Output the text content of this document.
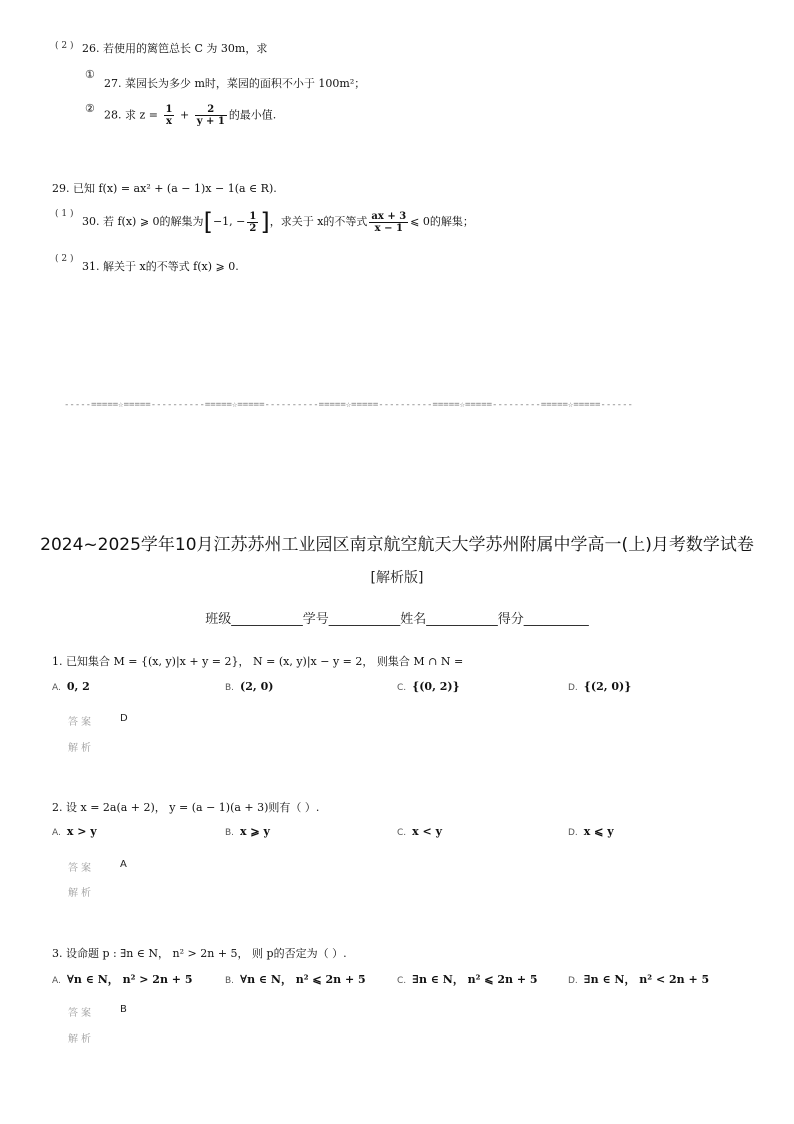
( 2 ) 26. 若使用的篱笆总长 C 为 30m，求
①
27. 菜园长为多少 m时，菜园的面积不小于 100m²；
② 28. 求 $z = \frac{1}{x} + \frac{2}{y + 1}$ 的最小值.
29. 已知 f(x) = ax² + (a − 1)x − 1(a ∈ R).
( 1 )
30. 若 f(x) ⩾ 0的解集为[−1, − $\frac{1}{2}$ ]，求关于 x的不等式 $\frac{ax + 3}{x - 1}$ ⩽ 0的解集；
( 2 )
31. 解关于 x的不等式 f(x) ⩾ 0.
-----=====☆=====----------=====☆=====----------=====☆=====----------=====☆=====---------=====☆=====------
2024~2025学年10月江苏苏州工业园区南京航空航天大学苏州附属中学高一(上)月考数学试卷
[解析版]
班级___________学号___________姓名___________得分__________
1. 已知集合 M = {(x, y)|x + y = 2}， N = (x, y)|x − y = 2， 则集合 M ∩ N =
A. 0, 2	B. (2, 0)	C. {(0, 2)}	D. {(2, 0)}
答案	D
解析
2. 设 x = 2a(a + 2)， y = (a − 1)(a + 3)则有（ ）.
A. x > y	B. x ⩾ y	C. x < y	D. x ⩽ y
答案	A
解析
3. 设命题 p : ∃n ∈ N， n² > 2n + 5， 则 p的否定为（ ）.
A. ∀n ∈ N， n² > 2n + 5	B. ∀n ∈ N， n² ⩽ 2n + 5	C. ∃n ∈ N， n² ⩽ 2n + 5	D. ∃n ∈ N， n² < 2n + 5
答案	B
解析
